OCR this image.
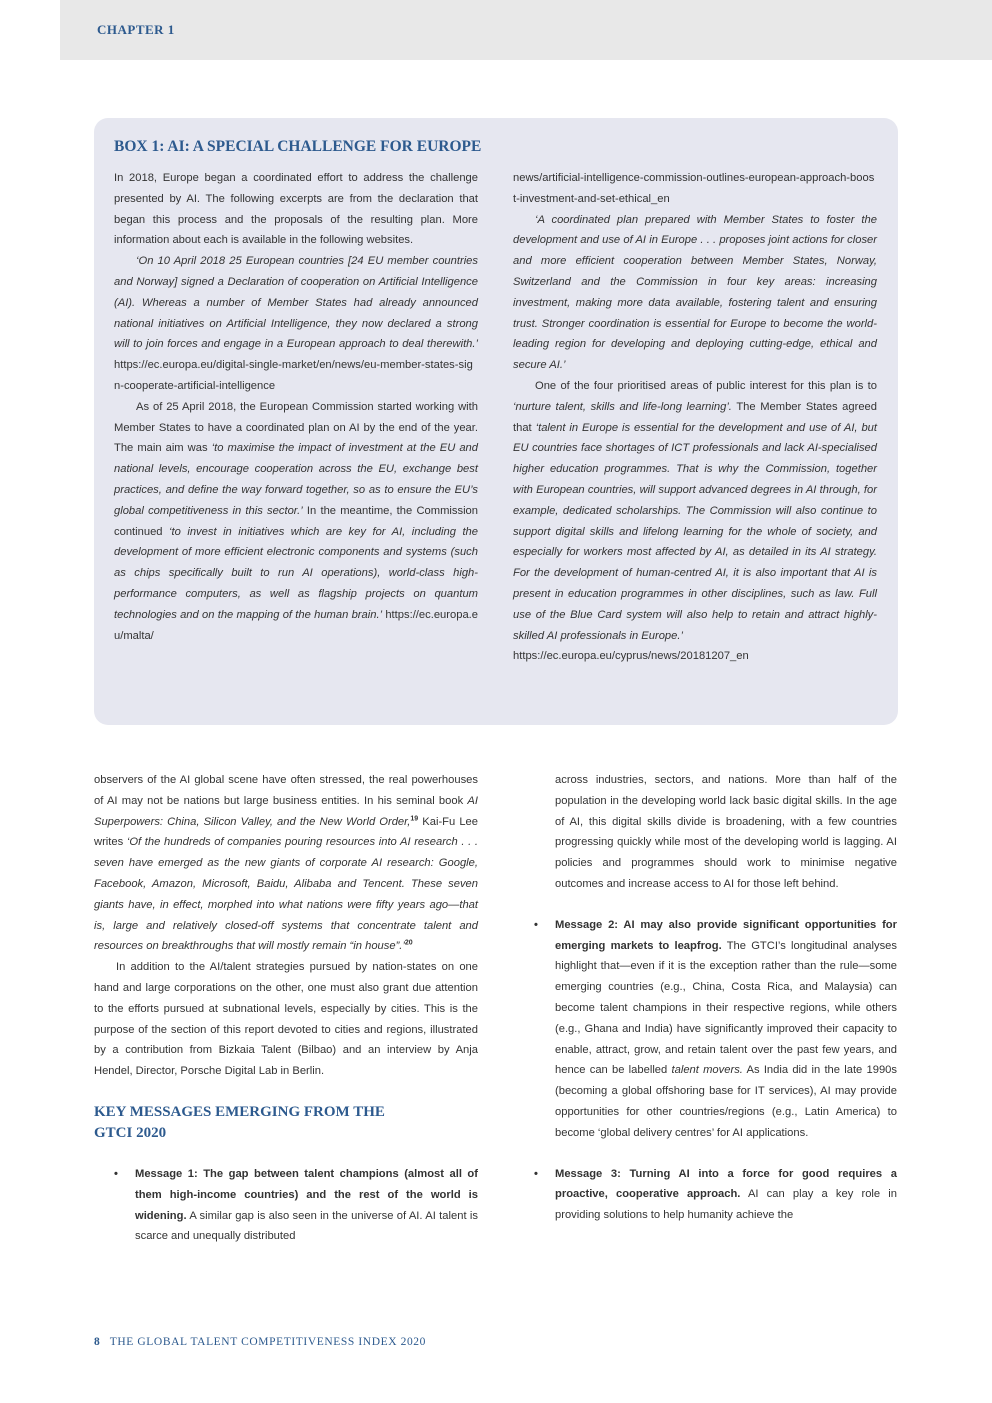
CHAPTER 1
BOX 1: AI: A SPECIAL CHALLENGE FOR EUROPE

In 2018, Europe began a coordinated effort to address the challenge presented by AI. The following excerpts are from the declaration that began this process and the proposals of the resulting plan. More information about each is available in the following websites.

‘On 10 April 2018 25 European countries [24 EU member countries and Norway] signed a Declaration of cooperation on Artificial Intelligence (AI). Whereas a number of Member States had already announced national initiatives on Artificial Intelligence, they now declared a strong will to join forces and engage in a European approach to deal therewith.’ https://ec.europa.eu/digital-single-market/en/news/eu-member-states-sign-cooperate-artificial-intelligence

As of 25 April 2018, the European Commission started working with Member States to have a coordinated plan on AI by the end of the year. The main aim was ‘to maximise the impact of investment at the EU and national levels, encourage cooperation across the EU, exchange best practices, and define the way forward together, so as to ensure the EU’s global competitiveness in this sector.’ In the meantime, the Commission continued ‘to invest in initiatives which are key for AI, including the development of more efficient electronic components and systems (such as chips specifically built to run AI operations), world-class high-performance computers, as well as flagship projects on quantum technologies and on the mapping of the human brain.’ https://ec.europa.eu/malta/

news/artificial-intelligence-commission-outlines-european-approach-boost-investment-and-set-ethical_en

‘A coordinated plan prepared with Member States to foster the development and use of AI in Europe . . . proposes joint actions for closer and more efficient cooperation between Member States, Norway, Switzerland and the Commission in four key areas: increasing investment, making more data available, fostering talent and ensuring trust. Stronger coordination is essential for Europe to become the world-leading region for developing and deploying cutting-edge, ethical and secure AI.’

One of the four prioritised areas of public interest for this plan is to ‘nurture talent, skills and life-long learning’. The Member States agreed that ‘talent in Europe is essential for the development and use of AI, but EU countries face shortages of ICT professionals and lack AI-specialised higher education programmes. That is why the Commission, together with European countries, will support advanced degrees in AI through, for example, dedicated scholarships. The Commission will also continue to support digital skills and lifelong learning for the whole of society, and especially for workers most affected by AI, as detailed in its AI strategy. For the development of human-centred AI, it is also important that AI is present in education programmes in other disciplines, such as law. Full use of the Blue Card system will also help to retain and attract highly-skilled AI professionals in Europe.’

https://ec.europa.eu/cyprus/news/20181207_en

observers of the AI global scene have often stressed, the real powerhouses of AI may not be nations but large business entities. In his seminal book AI Superpowers: China, Silicon Valley, and the New World Order,$^{19}$ Kai-Fu Lee writes ‘Of the hundreds of companies pouring resources into AI research . . . seven have emerged as the new giants of corporate AI research: Google, Facebook, Amazon, Microsoft, Baidu, Alibaba and Tencent. These seven giants have, in effect, morphed into what nations were fifty years ago—that is, large and relatively closed-off systems that concentrate talent and resources on breakthroughs that will mostly remain “in house”.’$^{20}$

In addition to the AI/talent strategies pursued by nation-states on one hand and large corporations on the other, one must also grant due attention to the efforts pursued at subnational levels, especially by cities. This is the purpose of the section of this report devoted to cities and regions, illustrated by a contribution from Bizkaia Talent (Bilbao) and an interview by Anja Hendel, Director, Porsche Digital Lab in Berlin.

KEY MESSAGES EMERGING FROM THE
GTCI 2020

• Message 1: The gap between talent champions (almost all of them high-income countries) and the rest of the world is widening. A similar gap is also seen in the universe of AI. AI talent is scarce and unequally distributed

across industries, sectors, and nations. More than half of the population in the developing world lack basic digital skills. In the age of AI, this digital skills divide is broadening, with a few countries progressing quickly while most of the developing world is lagging. AI policies and programmes should work to minimise negative outcomes and increase access to AI for those left behind.

• Message 2: AI may also provide significant opportunities for emerging markets to leapfrog. The GTCI’s longitudinal analyses highlight that—even if it is the exception rather than the rule—some emerging countries (e.g., China, Costa Rica, and Malaysia) can become talent champions in their respective regions, while others (e.g., Ghana and India) have significantly improved their capacity to enable, attract, grow, and retain talent over the past few years, and hence can be labelled talent movers. As India did in the late 1990s (becoming a global offshoring base for IT services), AI may provide opportunities for other countries/regions (e.g., Latin America) to become ‘global delivery centres’ for AI applications.

• Message 3: Turning AI into a force for good requires a proactive, cooperative approach. AI can play a key role in providing solutions to help humanity achieve the

8 THE GLOBAL TALENT COMPETITIVENESS INDEX 2020
